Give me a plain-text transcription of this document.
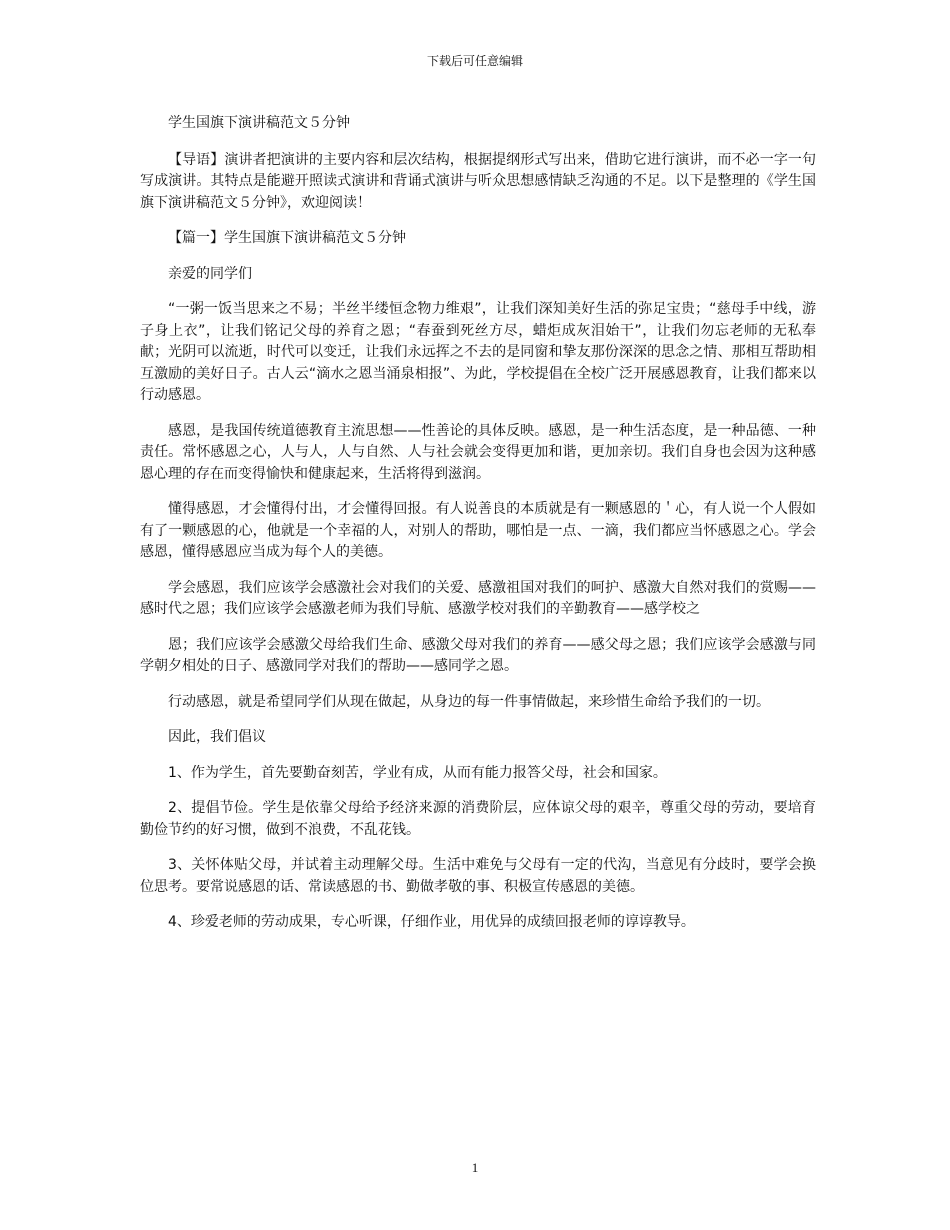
下载后可任意编辑

学生国旗下演讲稿范文５分钟

【导语】演讲者把演讲的主要内容和层次结构，根据提纲形式写出来，借助它进行演讲，而不必一字一句写成演讲。其特点是能避开照读式演讲和背诵式演讲与听众思想感情缺乏沟通的不足。以下是整理的《学生国旗下演讲稿范文５分钟》，欢迎阅读！

【篇一】学生国旗下演讲稿范文５分钟

亲爱的同学们

“一粥一饭当思来之不易；半丝半缕恒念物力维艰”，让我们深知美好生活的弥足宝贵；“慈母手中线，游子身上衣”，让我们铭记父母的养育之恩；“春蚕到死丝方尽，蜡炬成灰泪始干”，让我们勿忘老师的无私奉献；光阴可以流逝，时代可以变迁，让我们永远挥之不去的是同窗和挚友那份深深的思念之情、那相互帮助相互激励的美好日子。古人云“滴水之恩当涌泉相报”、为此，学校提倡在全校广泛开展感恩教育，让我们都来以行动感恩。

感恩，是我国传统道德教育主流思想——性善论的具体反映。感恩，是一种生活态度，是一种品德、一种责任。常怀感恩之心，人与人，人与自然、人与社会就会变得更加和谐，更加亲切。我们自身也会因为这种感恩心理的存在而变得愉快和健康起来，生活将得到滋润。

懂得感恩，才会懂得付出，才会懂得回报。有人说善良的本质就是有一颗感恩的＇心，有人说一个人假如有了一颗感恩的心，他就是一个幸福的人，对别人的帮助，哪怕是一点、一滴，我们都应当怀感恩之心。学会感恩，懂得感恩应当成为每个人的美德。

学会感恩，我们应该学会感激社会对我们的关爱、感激祖国对我们的呵护、感激大自然对我们的赏赐——感时代之恩；我们应该学会感激老师为我们导航、感激学校对我们的辛勤教育——感学校之

恩；我们应该学会感激父母给我们生命、感激父母对我们的养育——感父母之恩；我们应该学会感激与同学朝夕相处的日子、感激同学对我们的帮助——感同学之恩。

行动感恩，就是希望同学们从现在做起，从身边的每一件事情做起，来珍惜生命给予我们的一切。

因此，我们倡议

1、作为学生，首先要勤奋刻苦，学业有成，从而有能力报答父母，社会和国家。

2、提倡节俭。学生是依靠父母给予经济来源的消费阶层，应体谅父母的艰辛，尊重父母的劳动，要培育勤俭节约的好习惯，做到不浪费，不乱花钱。

3、关怀体贴父母，并试着主动理解父母。生活中难免与父母有一定的代沟，当意见有分歧时，要学会换位思考。要常说感恩的话、常读感恩的书、勤做孝敬的事、积极宣传感恩的美德。

4、珍爱老师的劳动成果，专心听课，仔细作业，用优异的成绩回报老师的谆谆教导。

1
